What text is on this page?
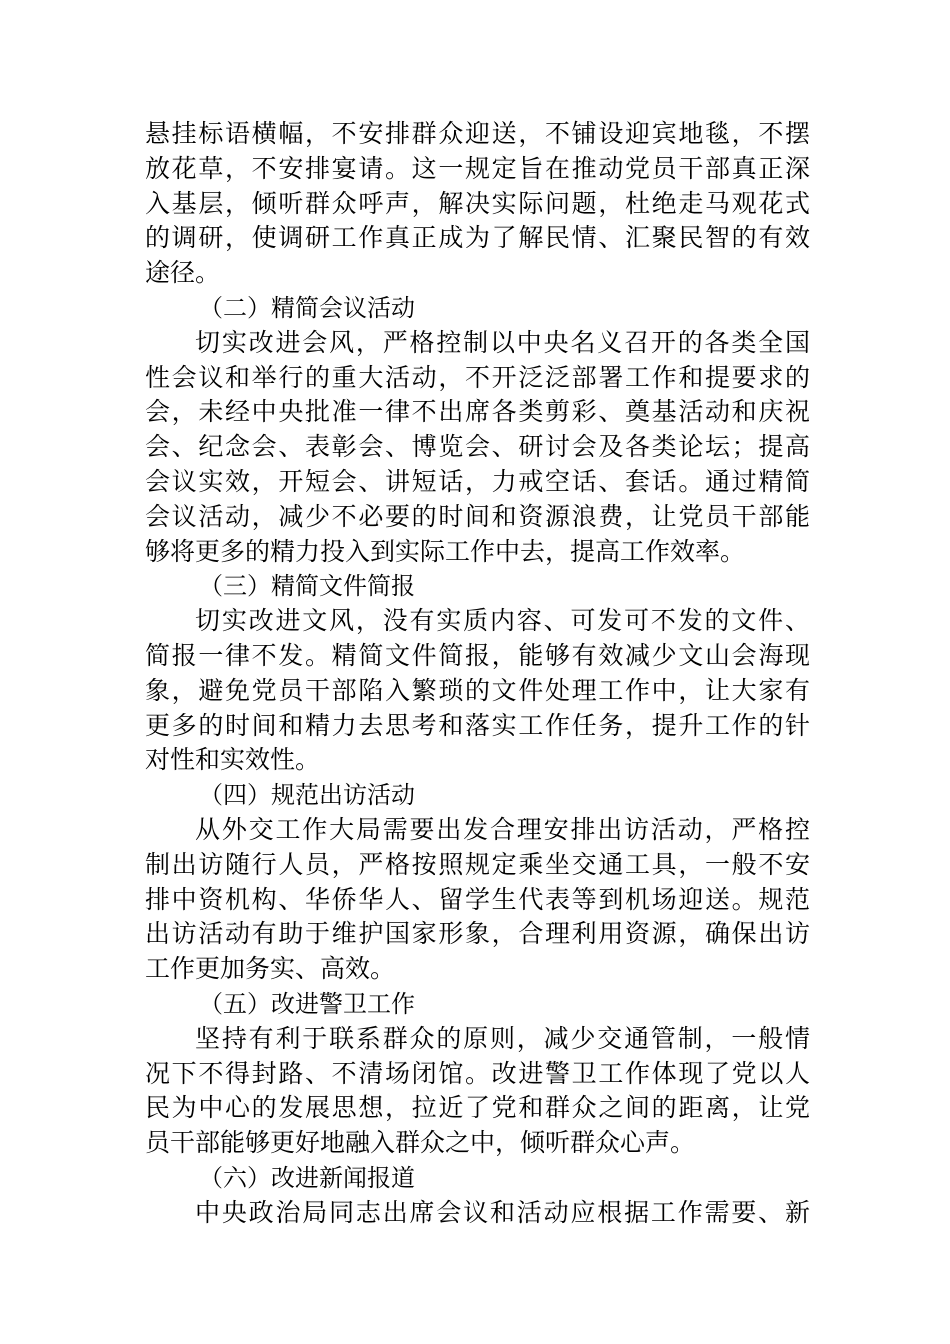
悬挂标语横幅，不安排群众迎送，不铺设迎宾地毯，不摆
放花草，不安排宴请。这一规定旨在推动党员干部真正深
入基层，倾听群众呼声，解决实际问题，杜绝走马观花式
的调研，使调研工作真正成为了解民情、汇聚民智的有效
途径。
（二）精简会议活动
切实改进会风，严格控制以中央名义召开的各类全国
性会议和举行的重大活动，不开泛泛部署工作和提要求的
会，未经中央批准一律不出席各类剪彩、奠基活动和庆祝
会、纪念会、表彰会、博览会、研讨会及各类论坛；提高
会议实效，开短会、讲短话，力戒空话、套话。通过精简
会议活动，减少不必要的时间和资源浪费，让党员干部能
够将更多的精力投入到实际工作中去，提高工作效率。
（三）精简文件简报
切实改进文风，没有实质内容、可发可不发的文件、
简报一律不发。精简文件简报，能够有效减少文山会海现
象，避免党员干部陷入繁琐的文件处理工作中，让大家有
更多的时间和精力去思考和落实工作任务，提升工作的针
对性和实效性。
（四）规范出访活动
从外交工作大局需要出发合理安排出访活动，严格控
制出访随行人员，严格按照规定乘坐交通工具，一般不安
排中资机构、华侨华人、留学生代表等到机场迎送。规范
出访活动有助于维护国家形象，合理利用资源，确保出访
工作更加务实、高效。
（五）改进警卫工作
坚持有利于联系群众的原则，减少交通管制，一般情
况下不得封路、不清场闭馆。改进警卫工作体现了党以人
民为中心的发展思想，拉近了党和群众之间的距离，让党
员干部能够更好地融入群众之中，倾听群众心声。
（六）改进新闻报道
中央政治局同志出席会议和活动应根据工作需要、新
